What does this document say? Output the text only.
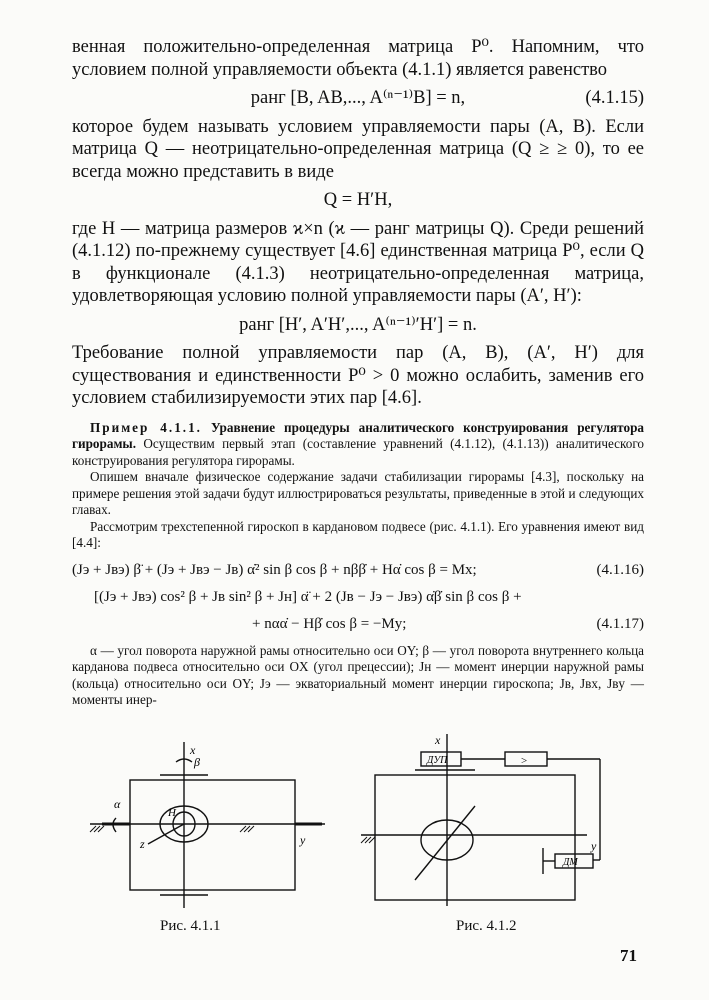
венная положительно-определенная матрица P⁰. Напомним, что условием полной управляемости объекта (4.1.1) является равенство

ранг [B, AB,..., A⁽ⁿ⁻¹⁾B] = n,	(4.1.15)

которое будем называть условием управляемости пары (A, B). Если матрица Q — неотрицательно-определенная матрица (Q ≥ ≥ 0), то ее всегда можно представить в виде

Q = H′H,

где H — матрица размеров ϰ×n (ϰ — ранг матрицы Q). Среди решений (4.1.12) по-прежнему существует [4.6] единственная матрица P⁰, если Q в функционале (4.1.3) неотрицательно-определенная матрица, удовлетворяющая условию полной управляемости пары (A′, H′):

ранг [H′, A′H′,..., A⁽ⁿ⁻¹⁾′H′] = n.

Требование полной управляемости пар (A, B), (A′, H′) для существования и единственности P⁰ > 0 можно ослабить, заменив его условием стабилизируемости этих пар [4.6].

Пример 4.1.1. Уравнение процедуры аналитического конструирования регулятора гирорамы. Осуществим первый этап (составление уравнений (4.1.12), (4.1.13)) аналитического конструирования регулятора гирорамы.

Опишем вначале физическое содержание задачи стабилизации гирорамы [4.3], поскольку на примере решения этой задачи будут иллюстрироваться результаты, приведенные в этой и следующих главах.

Рассмотрим трехстепенной гироскоп в кардановом подвесе (рис. 4.1.1). Его уравнения имеют вид [4.4]:

(Jэ + Jвэ) β̈ + (Jэ + Jвэ − Jв) α̇² sin β cos β + nββ̇ + Hα̇ cos β = Mx;	(4.1.16)
[(Jэ + Jвэ) cos² β + Jв sin² β + Jн] α̈ + 2 (Jв − Jэ − Jвэ) α̇β̇ sin β cos β +
+ nαα̇ − Hβ̇ cos β = −My;	(4.1.17)

α — угол поворота наружной рамы относительно оси OY; β — угол поворота внутреннего кольца карданова подвеса относительно оси OX (угол прецессии); Jн — момент инерции наружной рамы (кольца) относительно оси OY; Jэ — экваториальный момент инерции гироскопа; Jв, Jвx, Jвy — моменты инер-

x
β
α
H
z	y
Рис. 4.1.1
x
ДУП	>
ДМ
y
Рис. 4.1.2
71
